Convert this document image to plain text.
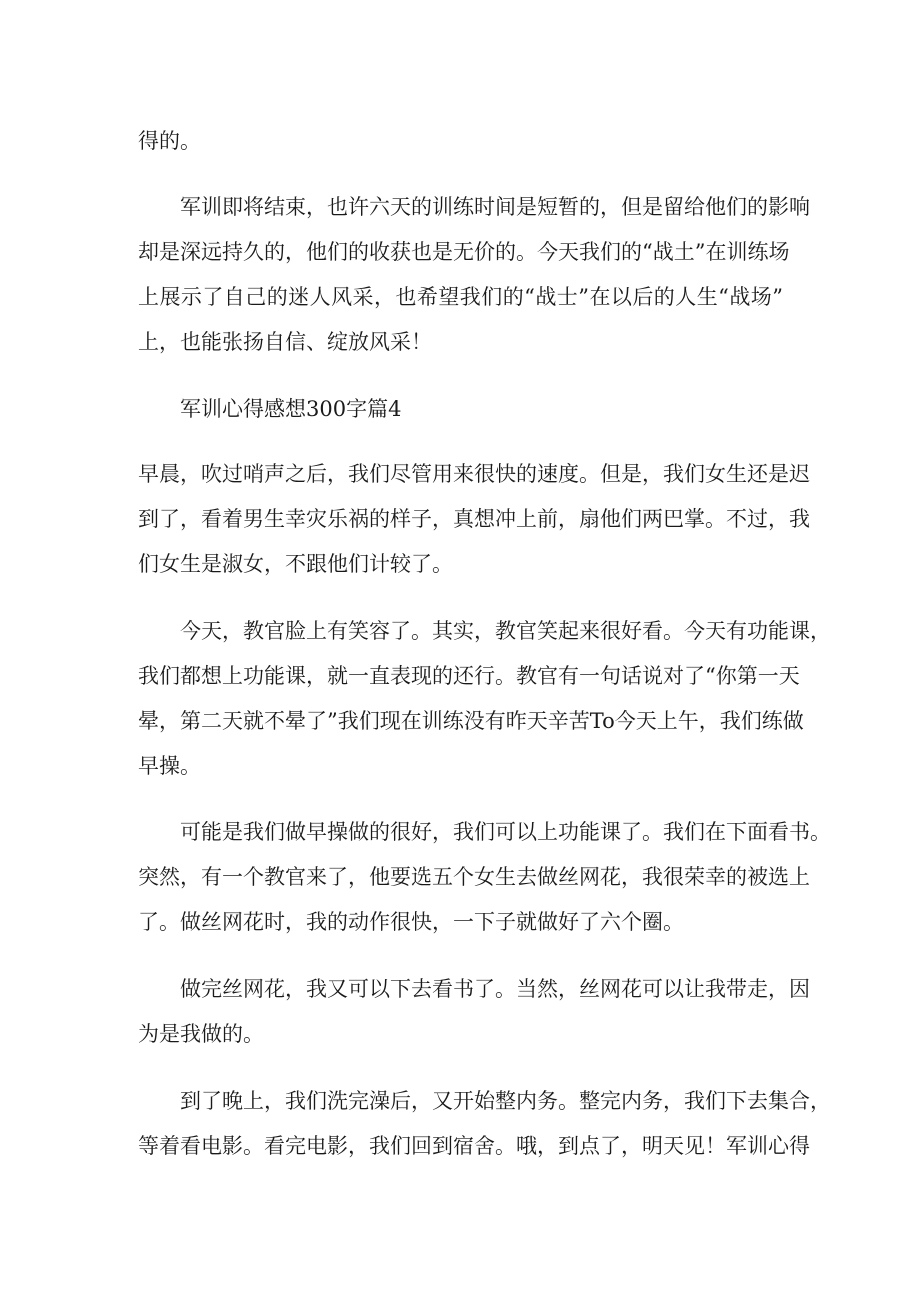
得的。
军训即将结束，也许六天的训练时间是短暂的，但是留给他们的影响
却是深远持久的，他们的收获也是无价的。今天我们的“战土”在训练场
上展示了自己的迷人风采，也希望我们的“战士”在以后的人生“战场”
上，也能张扬自信、绽放风采！
军训心得感想300字篇4
早晨，吹过哨声之后，我们尽管用来很快的速度。但是，我们女生还是迟
到了，看着男生幸灾乐祸的样子，真想冲上前，扇他们两巴掌。不过，我
们女生是淑女，不跟他们计较了。
今天，教官脸上有笑容了。其实，教官笑起来很好看。今天有功能课，
我们都想上功能课，就一直表现的还行。教官有一句话说对了“你第一天
晕，第二天就不晕了”我们现在训练没有昨天辛苦To今天上午，我们练做
早操。
可能是我们做早操做的很好，我们可以上功能课了。我们在下面看书。
突然，有一个教官来了，他要选五个女生去做丝网花，我很荣幸的被选上
了。做丝网花时，我的动作很快，一下子就做好了六个圈。
做完丝网花，我又可以下去看书了。当然，丝网花可以让我带走，因
为是我做的。
到了晚上，我们洗完澡后，又开始整内务。整完内务，我们下去集合，
等着看电影。看完电影，我们回到宿舍。哦，到点了，明天见！军训心得
